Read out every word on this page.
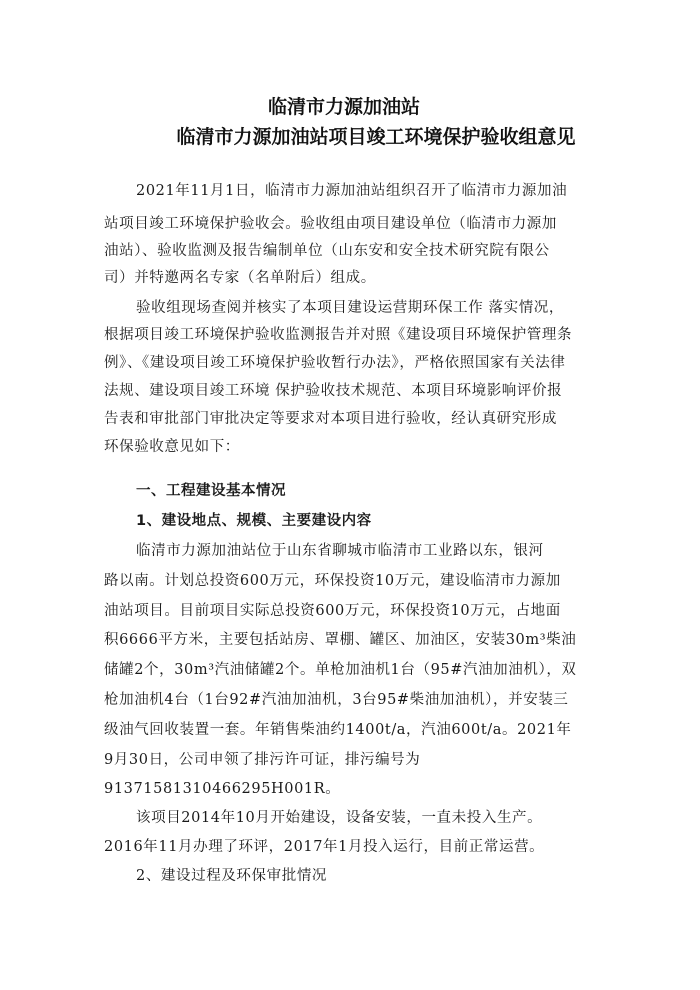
临清市力源加油站
临清市力源加油站项目竣工环境保护验收组意见
2021年11月1日，临清市力源加油站组织召开了临清市力源加油
站项目竣工环境保护验收会。验收组由项目建设单位（临清市力源加
油站）、验收监测及报告编制单位（山东安和安全技术研究院有限公
司）并特邀两名专家（名单附后）组成。
验收组现场查阅并核实了本项目建设运营期环保工作 落实情况，
根据项目竣工环境保护验收监测报告并对照《建设项目环境保护管理条
例》、《建设项目竣工环境保护验收暂行办法》，严格依照国家有关法律
法规、建设项目竣工环境 保护验收技术规范、本项目环境影响评价报
告表和审批部门审批决定等要求对本项目进行验收，经认真研究形成
环保验收意见如下：
一、工程建设基本情况
1、建设地点、规模、主要建设内容
临清市力源加油站位于山东省聊城市临清市工业路以东，银河
路以南。计划总投资600万元，环保投资10万元，建设临清市力源加
油站项目。目前项目实际总投资600万元，环保投资10万元，占地面
积6666平方米，主要包括站房、罩棚、罐区、加油区，安装30m³柴油
储罐2个，30m³汽油储罐2个。单枪加油机1台（95#汽油加油机），双
枪加油机4台（1台92#汽油加油机，3台95#柴油加油机），并安装三
级油气回收装置一套。年销售柴油约1400t/a，汽油600t/a。2021年
9月30日，公司申领了排污许可证，排污编号为
91371581310466295H001R。
该项目2014年10月开始建设，设备安装，一直未投入生产。
2016年11月办理了环评，2017年1月投入运行，目前正常运营。
2、建设过程及环保审批情况
